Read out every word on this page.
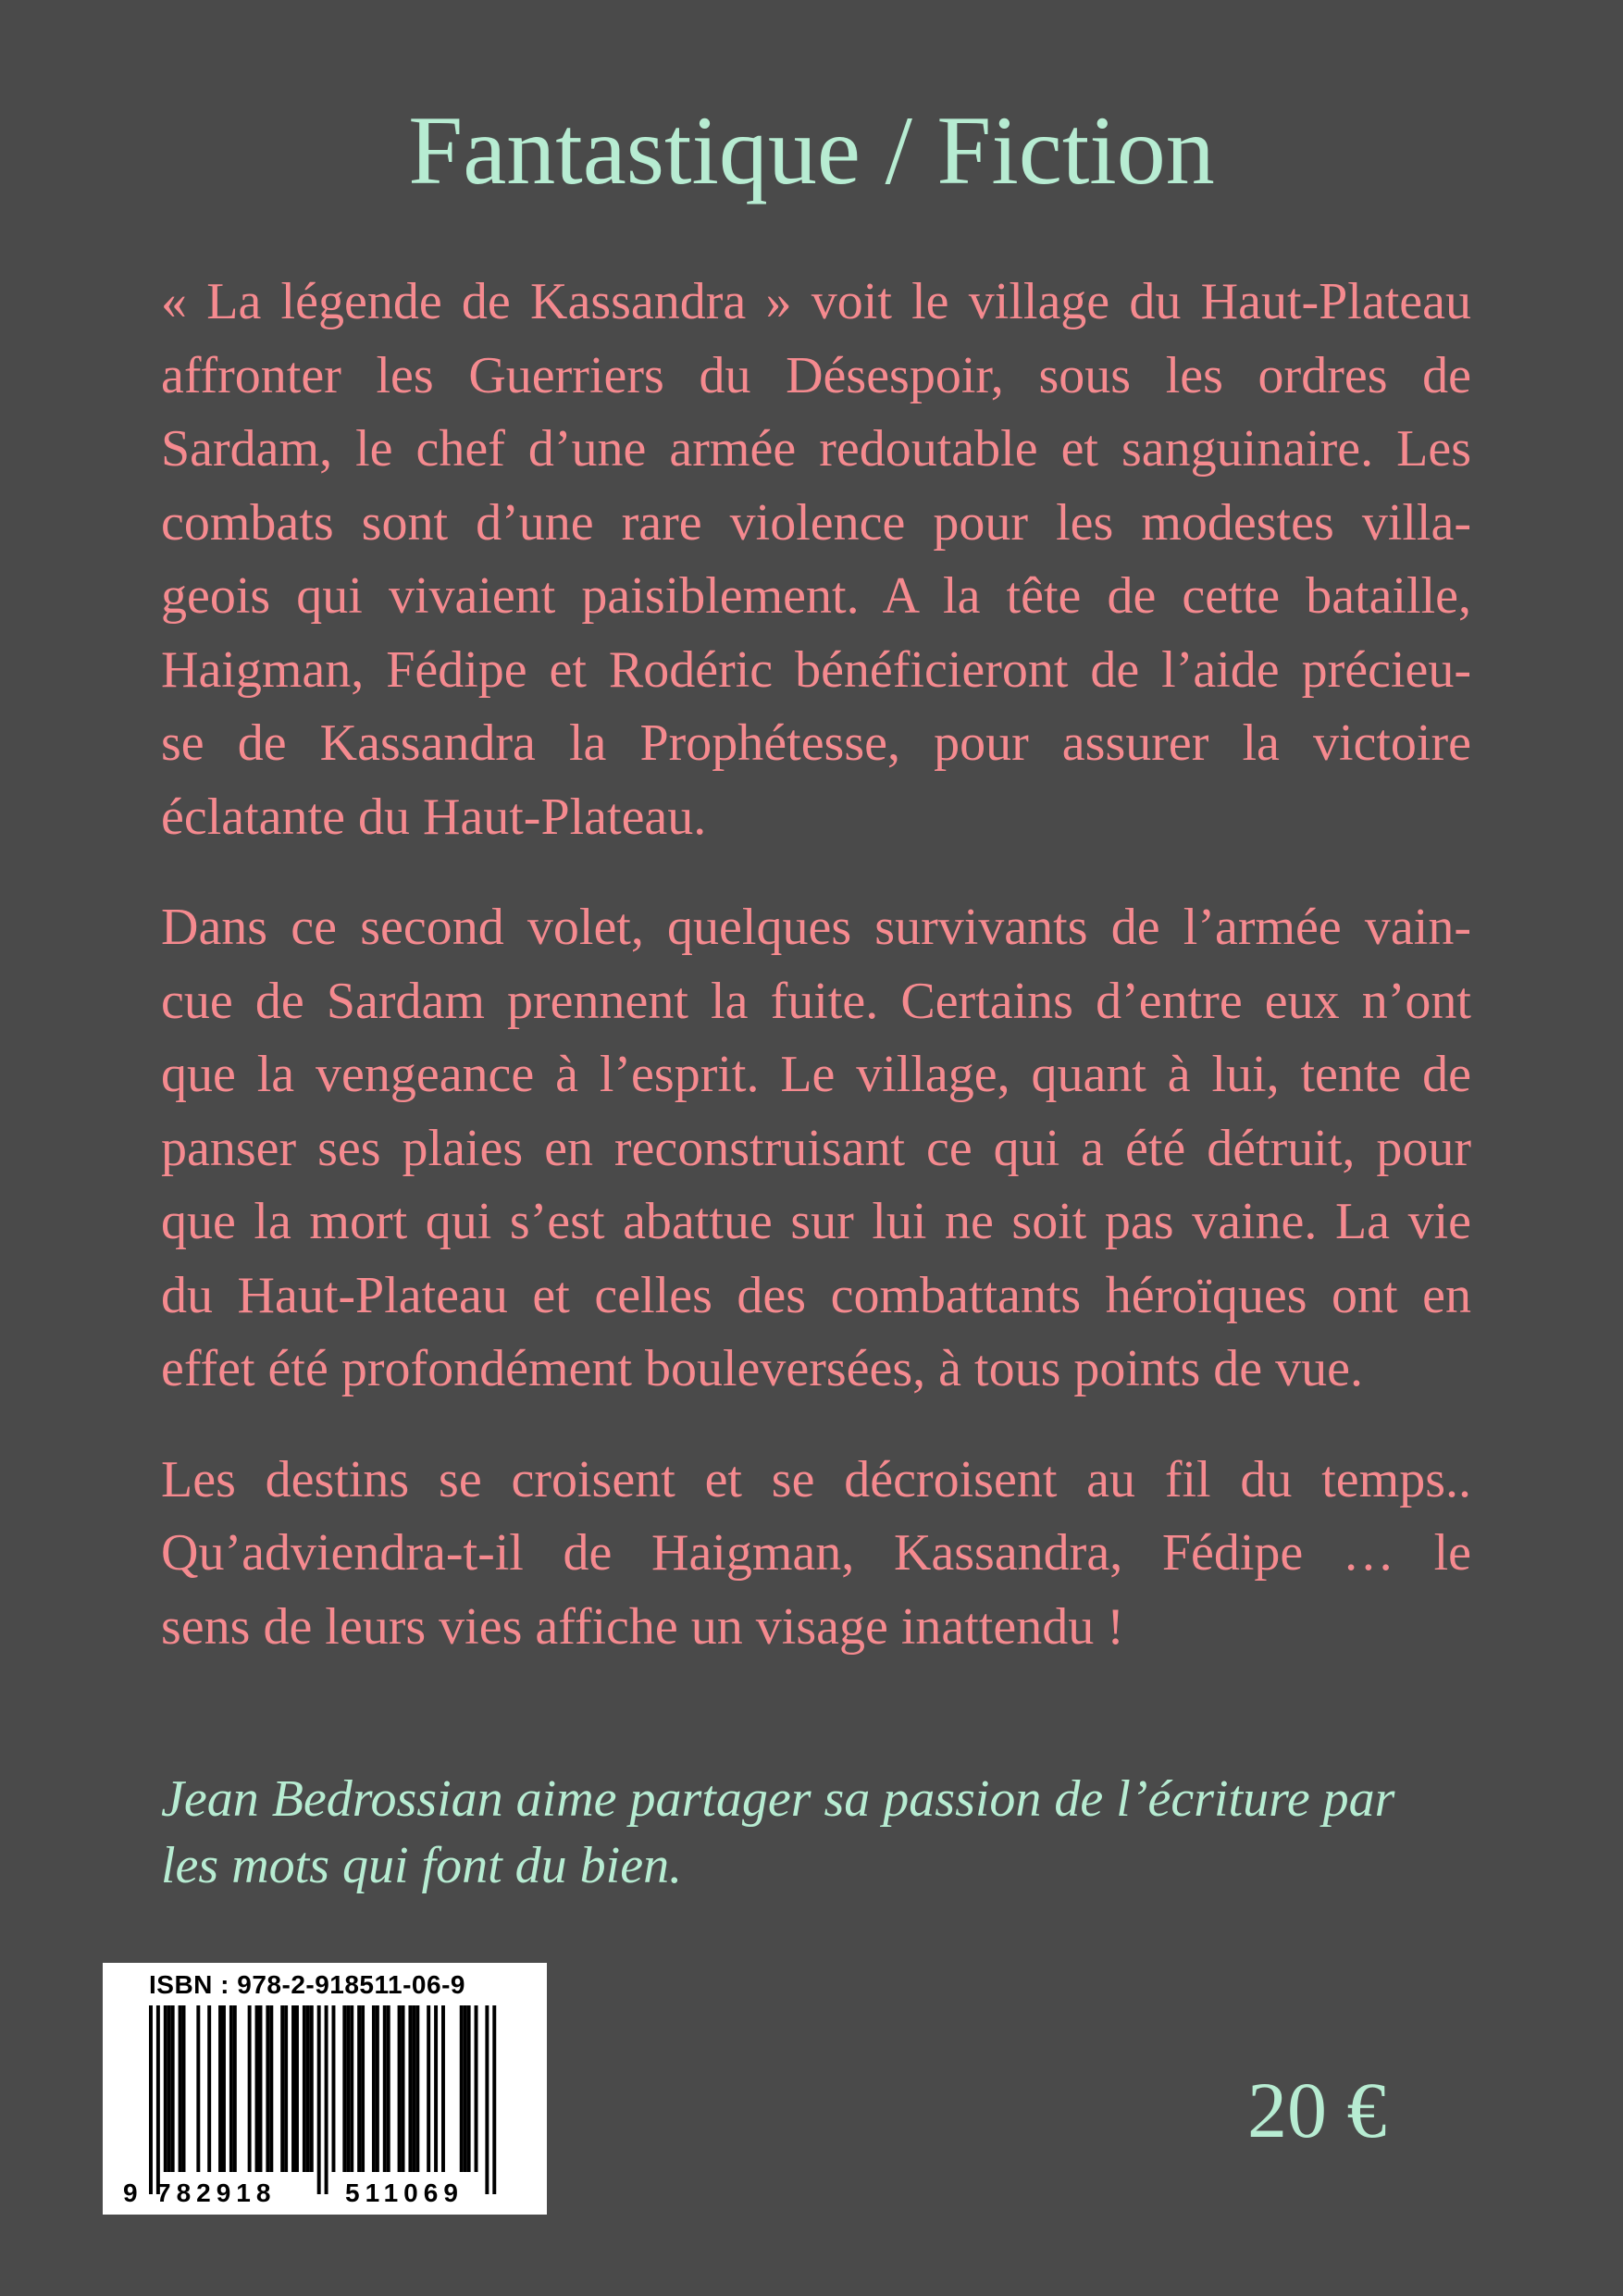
Fantastique / Fiction

« La légende de Kassandra » voit le village du Haut-Plateau
affronter les Guerriers du Désespoir, sous les ordres de
Sardam, le chef d’une armée redoutable et sanguinaire. Les
combats sont d’une rare violence pour les modestes villa-
geois qui vivaient paisiblement. A la tête de cette bataille,
Haigman, Fédipe et Rodéric bénéficieront de l’aide précieu-
se de Kassandra la Prophétesse, pour assurer la victoire
éclatante du Haut-Plateau.

Dans ce second volet, quelques survivants de l’armée vain-
cue de Sardam prennent la fuite. Certains d’entre eux n’ont
que la vengeance à l’esprit. Le village, quant à lui, tente de
panser ses plaies en reconstruisant ce qui a été détruit, pour
que la mort qui s’est abattue sur lui ne soit pas vaine. La vie
du Haut-Plateau et celles des combattants héroïques ont en
effet été profondément bouleversées, à tous points de vue.

Les destins se croisent et se décroisent au fil du temps..
Qu’adviendra-t-il de Haigman, Kassandra, Fédipe … le
sens de leurs vies affiche un visage inattendu !

Jean Bedrossian aime partager sa passion de l’écriture par
les mots qui font du bien.
ISBN : 978-2-918511-06-9
9 782918	511069
20 €
